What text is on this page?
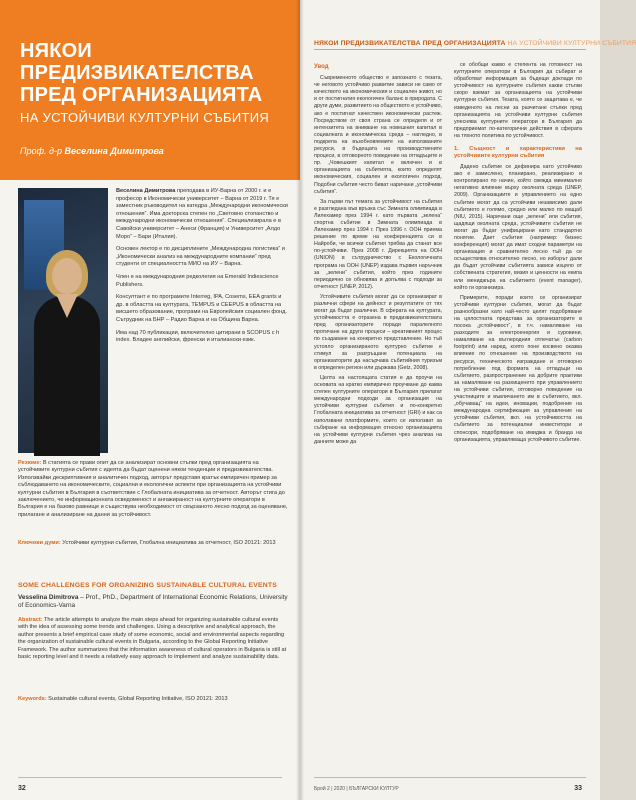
НЯКОИ ПРЕДИЗВИКАТЕЛСТВА ПРЕД ОРГАНИЗАЦИЯТА
НА УСТОЙЧИВИ КУЛТУРНИ СЪБИТИЯ
Проф. д-р Веселина Димитрова

Веселина Димитрова преподава в ИУ-Варна от 2000 г. и е професор в Икономически университет – Варна от 2019 г. Тя е заместник ръководител на катедра „Международни икономически отношения“. Има докторска степен по „Световно стопанство и международни икономически отношения“. Специализирала е в Савойски университет – Анеси (Франция) и Университет „Алдо Моро“ – Бари (Италия).

Основен лектор е по дисциплините „Международна логистика“ и „Икономически анализ на международните компании“ пред студенти от специалността МИО на ИУ – Варна.

Член е на международния редколегия на Emerald Indiescience Publishers.

Консултант е по програмите Interreg, IPA, Cosems, EEA grants и др. в областта на културата, TEMPUS и CEEPUS в областта на висшето образование, програми на Европейския социален фонд. Сътрудник на БНР – Радио Варна и на Община Варна.

Има над 70 публикации, включително цитирани в SCOPUS с h index. Владее английски, френски и италиански език.

Резюме: В статията се прави опит да се анализират основни стъпки пред организацията на устойчивите културни събития с идеята да бъдат оценени някои тенденции и предизвикателства. Използвайки дескриптивния и аналитичен подход, авторът представя кратък емпиричен пример за съблюдаването на икономическите, социални и екологични аспекти при организацията на устойчиви културни събития в България в съответствие с Глобалната инициатива за отчетност. Авторът стига до заключението, че информационната осведоменост и ангажираност на културните оператори в България е на базово равнище и съществува необходимост от свързаното лесно подход за оценяване, прилагане и анализиране на данни за устойчивост.
Ключови думи: Устойчиви културни събития, Глобална инициатива за отчетност, ISO 20121: 2013
SOME CHALLENGES FOR ORGANIZING SUSTAINABLE CULTURAL EVENTS
Vesselina Dimitrova – Prof., PhD., Department of International Economic Relations, University of Economics-Varna
Abstract: The article attempts to analyze the main steps ahead for organizing sustainable cultural events with the idea of assessing some trends and challenges. Using a descriptive and analytical approach, the author presents a brief empirical case study of some economic, social and environmental aspects regarding the organization of sustainable cultural events in Bulgaria, according to the Global Reporting Initiative Framework. The author summarizes that the information awareness of cultural operators in Bulgaria is still at basic reporting level and it needs a relatively easy approach to implement and analyze sustainability data.
Keywords: Sustainable cultural events, Global Reporting Initiative, ISO 20121: 2013
32
НЯКОИ ПРЕДИЗВИКАТЕЛСТВА ПРЕД ОРГАНИЗАЦИЯТА НА УСТОЙЧИВИ КУЛТУРНИ СЪБИТИЯ
Увод

Съвременното общество е запознато с тезата, че неговото устойчиво развитие зависи не само от качеството на икономическия и социален живот, но и от постигнатия екологичен баланс в природата. С други думи, развитието на обществото е устойчиво, ако е постигнат качествен икономически растеж. Посредством от своя страна се определя и от интензитета на вникване на новешния капитал в социалната и икономическа среда – нагледно, в подкрепа на възобновяемите на използваните ресурси, в бъдещата на производствените процеси, в отговорното поведение на отпадъците и пр. „Човешкият капитал е включен и в организацията на събитията, които определят икономическия, социален и екологичен подход. Подобни събития често биват наричани „устойчиви събития“.

За първи път темата за устойчивост на събития е разгледана във връзка със Зимната олимпиада в Лилехамер през 1994 г. като първата „зелена“ спортна събитие в Зимната олимпиада в Лилехамер през 1994 г. През 1996 г. ООН приема решение по време на конференцията си в Найроби, че всички събития трябва да станат все по-устойчиви. През 2008 г. Дирекцията на ООН (UNION) в сътрудничество с Екологичната програма на ООН (UNEP) издава първия наръчник за „зелени“ събития, който през годините периодично се обновява и допълва с подходи за отчетност (UNEP, 2012).

Устойчивите събития могат да се организират в различни сфери на дейност и резултатите от тях могат да бъдат различни. В сферата на културата, устойчивостта е отразена в предизвикателствата пред организаторите поради паралелното протичане на други процеси – креативният процес по създаване на конкретно представление. Но тъй устояло организираното културно събитие е стимул за разгръщане потенциала на организаторите да насърчава събитийния туризъм в определен регион или държава (Getz, 2008).

Целта на настоящата статия е да проучи на основата на кратко емпирично проучване до каква степен културните оператори в България прилагат международни подходи за организация на устойчиви културни събития и по-конкретно Глобалната инициатива за отчетност (GRI) и как са използвани платформите, които се използват за събиране на информация относно организацията на устойчиви културни събития чрез анализа на данните може да

се обобщи какво е степента на готовност на културните оператори в България да събират и обработват информация за бъдещи доклади по устойчивост на културните събития какви стъпки скоро вземат за организацията на устойчиви културни събития. Тезата, която се защитава е, че изведеното на лесни за разчитане стъпки пред организацията на устойчиви културни събития улеснява културните оператори в България да предприемат по-категорични действия в сферата на тяхното политика по устойчивост.

1. Същност и характеристики на устойчивите културни събития

Дадено събитие се дефинира като устойчиво ако е замислено, планирано, реализирано и контролирано по начин, който свежда минимално негативно влияние върху околната среда (UNEP, 2009). Организациите и управлението на едно събитие могат да са устойчиви независимо дали събитието е голямо, средно или малко по мащаб (NIU, 2015). Наричани още „зелени“ или събития, щадящи околната среда, устойчивите събития не могат да бъдат унифицирани като стандартно понятие. Дает събития (например: бизнес конференция) могат да имат сходни параметри на организация и сравнително лесно тъй да се осъществява относително лесно, но изборът дали да бъдат устойчиви събитията зависи изцяло от собствената стратегия, визия и ценности на екипа или мениджъра на събитието (event manager), който ги организира.

Примерите, поради които се организират устойчиви културни събития, могат да бъдат разнообразни като най-често целят подобряване на цялостната представа за организаторите в посока „устойчивост“, в т.ч. намаляване на разходите за електроенергия и суровини, намаляване на въглеродния отпечатък (carbon footprint) или наред, която поне косвено оказва влияние по отношение на производството на ресурси, техническото изграждане и отговорно потребление под формата на отпадъци на събитието, разпространение на добрите практики за намаляване на разхищенето при управлението на устойчиви събития, отговорно поведение на участниците и въвличането им в събитието, вкл. „обучаващ“ на идеи, иновации, подобрение на международна сертификация за управление на устойчиви събития, вкл. на устойчивостта на събитието за потенциални инвеститори и спонсори, подобряване на имиджа и бранда на организацията, управляваща устойчивото събитие.

Брой 2 | 2020 | БЪЛГАРСКИ КУЛТУР	33
